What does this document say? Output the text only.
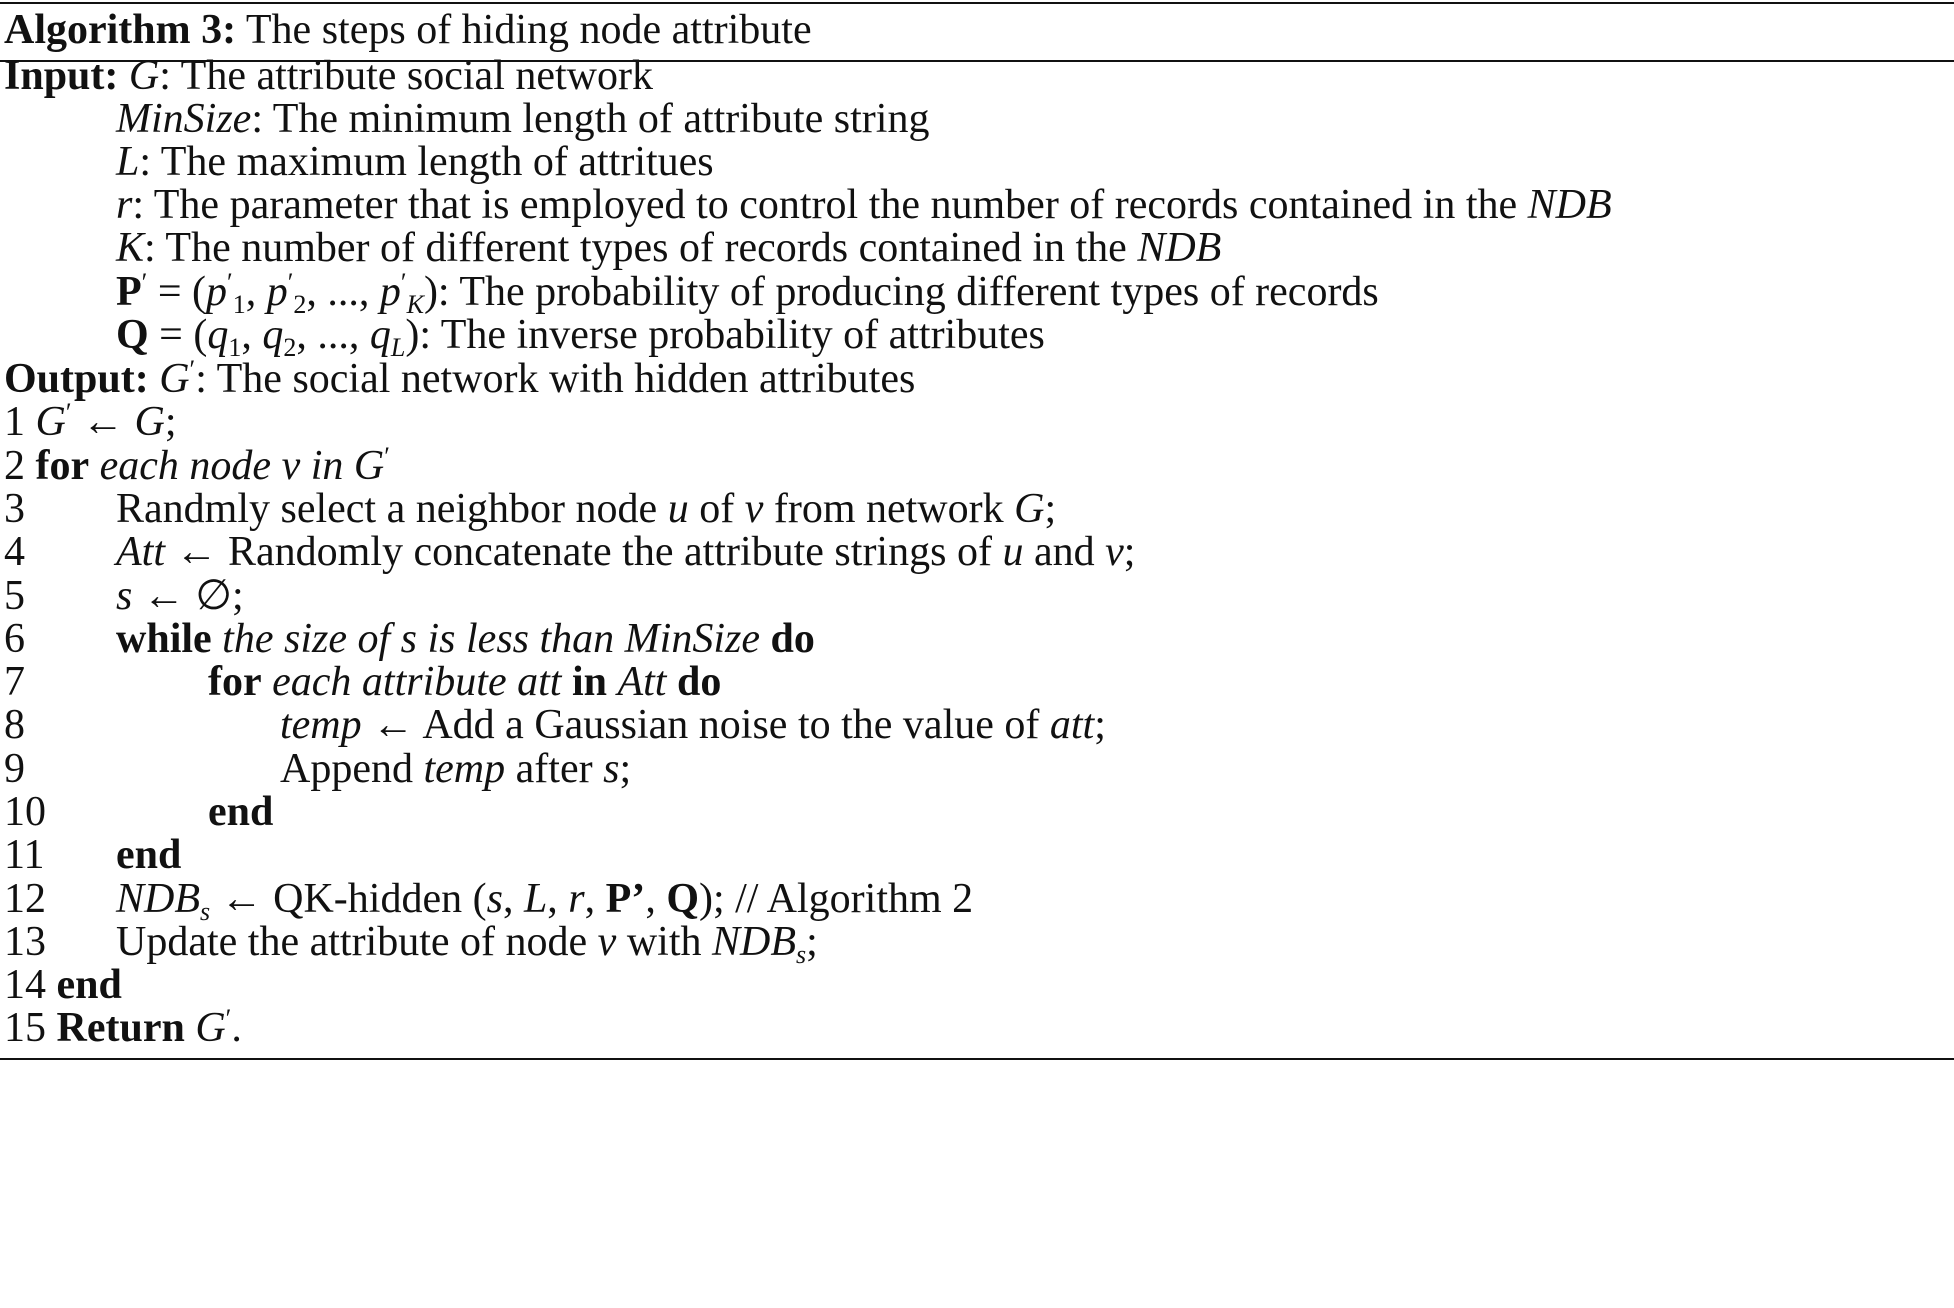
Algorithm 3: The steps of hiding node attribute
Input: G: The attribute social network
MinSize: The minimum length of attribute string
L: The maximum length of attritues
r: The parameter that is employed to control the number of records contained in the NDB
K: The number of different types of records contained in the NDB
$P' = (p'_1$, $p'_2$, ..., $p'_K$): The probability of producing different types of records
$Q = (q_1$, $q_2$, ..., $q_L$): The inverse probability of attributes
Output: G′: The social network with hidden attributes
1 G′ ← G;
2 for each node v in G′
3 Randmly select a neighbor node u of v from network G;
4 Att ← Randomly concatenate the attribute strings of u and v;
5 s ← ∅;
6 while the size of s is less than MinSize do
7	for each attribute att in Att do
8	temp ← Add a Gaussian noise to the value of att;
9	Append temp after s;
10	end
11 end
12 $NDB_s$ ← QK-hidden (s, L, r, P’, Q); // Algorithm 2
13 Update the attribute of node v with $NDB_s$;
14 end
15 Return G′.
